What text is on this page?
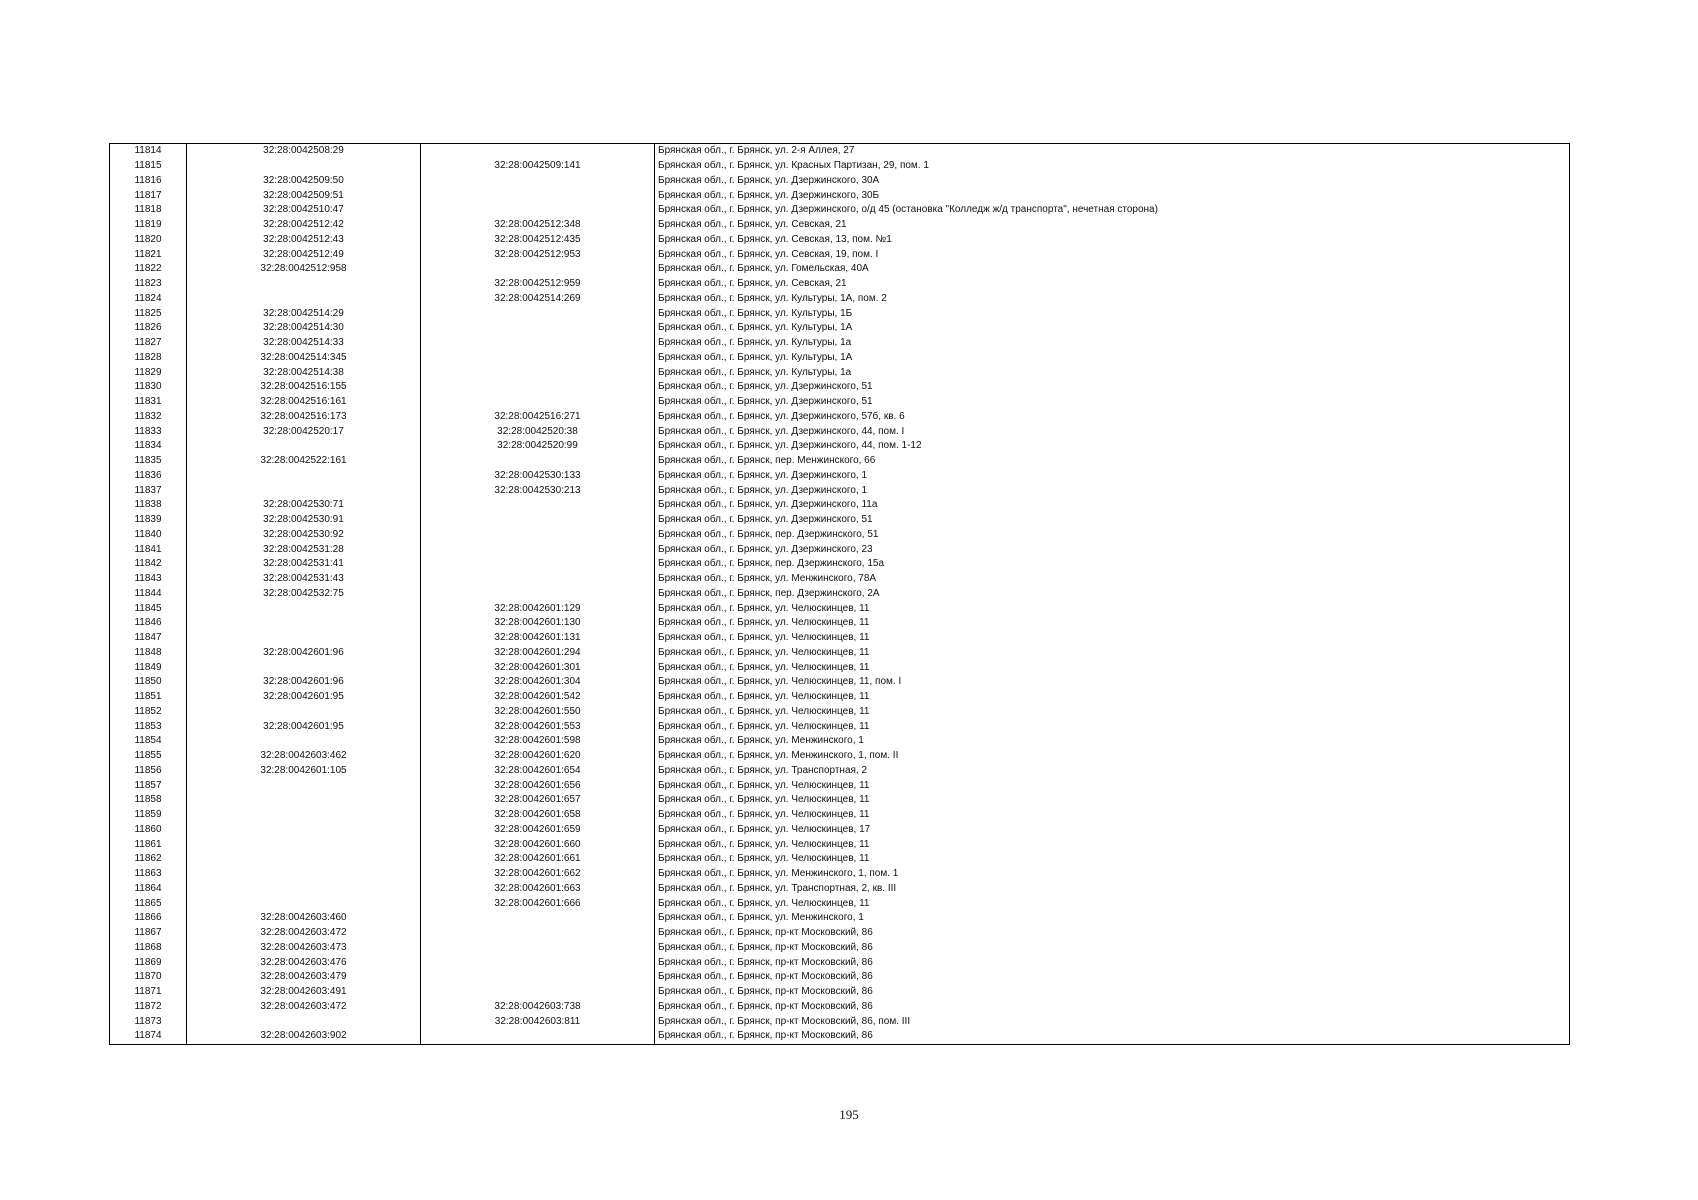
11814	32:28:0042508:29		Брянская обл., г. Брянск, ул. 2-я Аллея, 27
11815		32:28:0042509:141	Брянская обл., г. Брянск, ул. Красных Партизан, 29, пом. 1
11816	32:28:0042509:50		Брянская обл., г. Брянск, ул. Дзержинского, 30А
11817	32:28:0042509:51		Брянская обл., г. Брянск, ул. Дзержинского, 30Б
11818	32:28:0042510:47		Брянская обл., г. Брянск, ул. Дзержинского, о/д 45 (остановка "Колледж ж/д транспорта", нечетная сторона)
11819	32:28:0042512:42	32:28:0042512:348	Брянская обл., г. Брянск, ул. Севская, 21
11820	32:28:0042512:43	32:28:0042512:435	Брянская обл., г. Брянск, ул. Севская, 13, пом. №1
11821	32:28:0042512:49	32:28:0042512:953	Брянская обл., г. Брянск, ул. Севская, 19, пом. I
11822	32:28:0042512:958		Брянская обл., г. Брянск, ул. Гомельская, 40А
11823		32:28:0042512:959	Брянская обл., г. Брянск, ул. Севская, 21
11824		32:28:0042514:269	Брянская обл., г. Брянск, ул. Культуры, 1А, пом. 2
11825	32:28:0042514:29		Брянская обл., г. Брянск, ул. Культуры, 1Б
11826	32:28:0042514:30		Брянская обл., г. Брянск, ул. Культуры, 1А
11827	32:28:0042514:33		Брянская обл., г. Брянск, ул. Культуры, 1а
11828	32:28:0042514:345		Брянская обл., г. Брянск, ул. Культуры, 1А
11829	32:28:0042514:38		Брянская обл., г. Брянск, ул. Культуры, 1а
11830	32:28:0042516:155		Брянская обл., г. Брянск, ул. Дзержинского, 51
11831	32:28:0042516:161		Брянская обл., г. Брянск, ул. Дзержинского, 51
11832	32:28:0042516:173	32:28:0042516:271	Брянская обл., г. Брянск, ул. Дзержинского, 57б, кв. 6
11833	32:28:0042520:17	32:28:0042520:38	Брянская обл., г. Брянск, ул. Дзержинского, 44, пом. I
11834		32:28:0042520:99	Брянская обл., г. Брянск, ул. Дзержинского, 44, пом. 1-12
11835	32:28:0042522:161		Брянская обл., г. Брянск, пер. Менжинского, 66
11836		32:28:0042530:133	Брянская обл., г. Брянск, ул. Дзержинского, 1
11837		32:28:0042530:213	Брянская обл., г. Брянск, ул. Дзержинского, 1
11838	32:28:0042530:71		Брянская обл., г. Брянск, ул. Дзержинского, 11а
11839	32:28:0042530:91		Брянская обл., г. Брянск, ул. Дзержинского, 51
11840	32:28:0042530:92		Брянская обл., г. Брянск, пер. Дзержинского, 51
11841	32:28:0042531:28		Брянская обл., г. Брянск, ул. Дзержинского, 23
11842	32:28:0042531:41		Брянская обл., г. Брянск, пер. Дзержинского, 15а
11843	32:28:0042531:43		Брянская обл., г. Брянск, ул. Менжинского, 78А
11844	32:28:0042532:75		Брянская обл., г. Брянск, пер. Дзержинского, 2А
11845		32:28:0042601:129	Брянская обл., г. Брянск, ул. Челюскинцев, 11
11846		32:28:0042601:130	Брянская обл., г. Брянск, ул. Челюскинцев, 11
11847		32:28:0042601:131	Брянская обл., г. Брянск, ул. Челюскинцев, 11
11848	32:28:0042601:96	32:28:0042601:294	Брянская обл., г. Брянск, ул. Челюскинцев, 11
11849		32:28:0042601:301	Брянская обл., г. Брянск, ул. Челюскинцев, 11
11850	32:28:0042601:96	32:28:0042601:304	Брянская обл., г. Брянск, ул. Челюскинцев, 11, пом. I
11851	32:28:0042601:95	32:28:0042601:542	Брянская обл., г. Брянск, ул. Челюскинцев, 11
11852		32:28:0042601:550	Брянская обл., г. Брянск, ул. Челюскинцев, 11
11853	32:28:0042601:95	32:28:0042601:553	Брянская обл., г. Брянск, ул. Челюскинцев, 11
11854		32:28:0042601:598	Брянская обл., г. Брянск, ул. Менжинского, 1
11855	32:28:0042603:462	32:28:0042601:620	Брянская обл., г. Брянск, ул. Менжинского, 1, пом. II
11856	32:28:0042601:105	32:28:0042601:654	Брянская обл., г. Брянск, ул. Транспортная, 2
11857		32:28:0042601:656	Брянская обл., г. Брянск, ул. Челюскинцев, 11
11858		32:28:0042601:657	Брянская обл., г. Брянск, ул. Челюскинцев, 11
11859		32:28:0042601:658	Брянская обл., г. Брянск, ул. Челюскинцев, 11
11860		32:28:0042601:659	Брянская обл., г. Брянск, ул. Челюскинцев, 17
11861		32:28:0042601:660	Брянская обл., г. Брянск, ул. Челюскинцев, 11
11862		32:28:0042601:661	Брянская обл., г. Брянск, ул. Челюскинцев, 11
11863		32:28:0042601:662	Брянская обл., г. Брянск, ул. Менжинского, 1, пом. 1
11864		32:28:0042601:663	Брянская обл., г. Брянск, ул. Транспортная, 2, кв. III
11865		32:28:0042601:666	Брянская обл., г. Брянск, ул. Челюскинцев, 11
11866	32:28:0042603:460		Брянская обл., г. Брянск, ул. Менжинского, 1
11867	32:28:0042603:472		Брянская обл., г. Брянск, пр-кт Московский, 86
11868	32:28:0042603:473		Брянская обл., г. Брянск, пр-кт Московский, 86
11869	32:28:0042603:476		Брянская обл., г. Брянск, пр-кт Московский, 86
11870	32:28:0042603:479		Брянская обл., г. Брянск, пр-кт Московский, 86
11871	32:28:0042603:491		Брянская обл., г. Брянск, пр-кт Московский, 86
11872	32:28:0042603:472	32:28:0042603:738	Брянская обл., г. Брянск, пр-кт Московский, 86
11873		32:28:0042603:811	Брянская обл., г. Брянск, пр-кт Московский, 86, пом. III
11874	32:28:0042603:902		Брянская обл., г. Брянск, пр-кт Московский, 86
195
